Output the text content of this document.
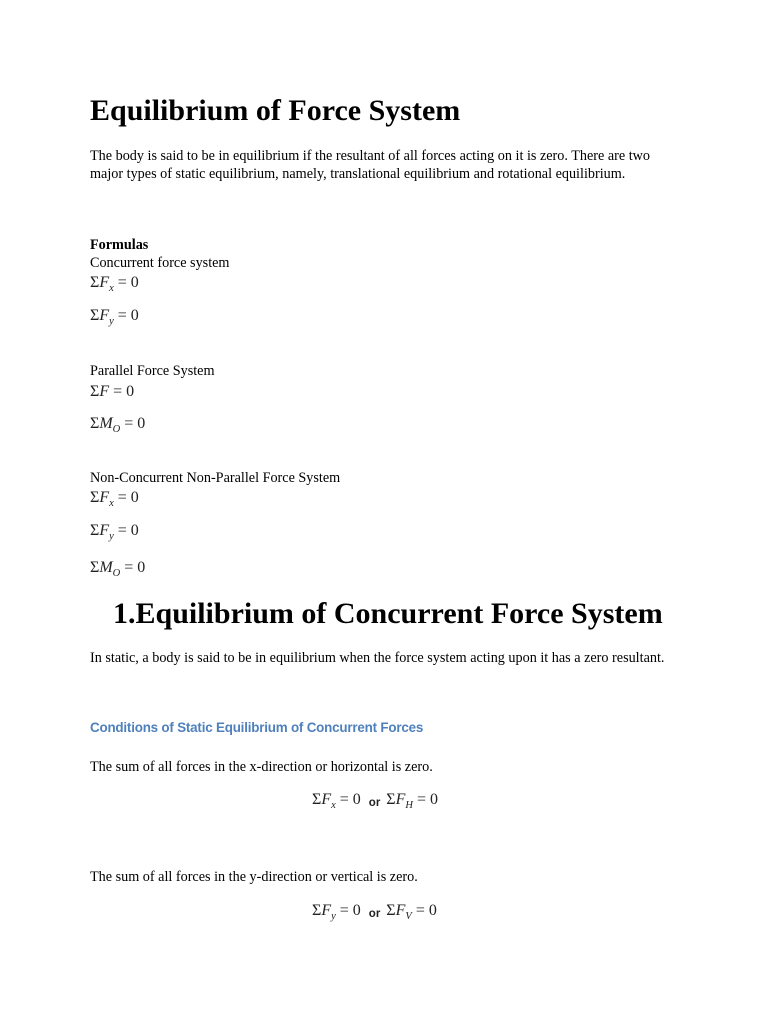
Equilibrium of Force System
The body is said to be in equilibrium if the resultant of all forces acting on it is zero. There are two major types of static equilibrium, namely, translational equilibrium and rotational equilibrium.
Formulas
Concurrent force system
$\Sigma F_x = 0$
$\Sigma F_y = 0$
Parallel Force System
ΣF = 0
$\Sigma M_O = 0$
Non-Concurrent Non-Parallel Force System
$\Sigma F_x = 0$
$\Sigma F_y = 0$
$\Sigma M_O = 0$
1.Equilibrium of Concurrent Force System
In static, a body is said to be in equilibrium when the force system acting upon it has a zero resultant.
Conditions of Static Equilibrium of Concurrent Forces
The sum of all forces in the x-direction or horizontal is zero.
$\Sigma F_x = 0$ or $\Sigma F_H = 0$
The sum of all forces in the y-direction or vertical is zero.
$\Sigma F_y = 0$ or $\Sigma F_V = 0$
